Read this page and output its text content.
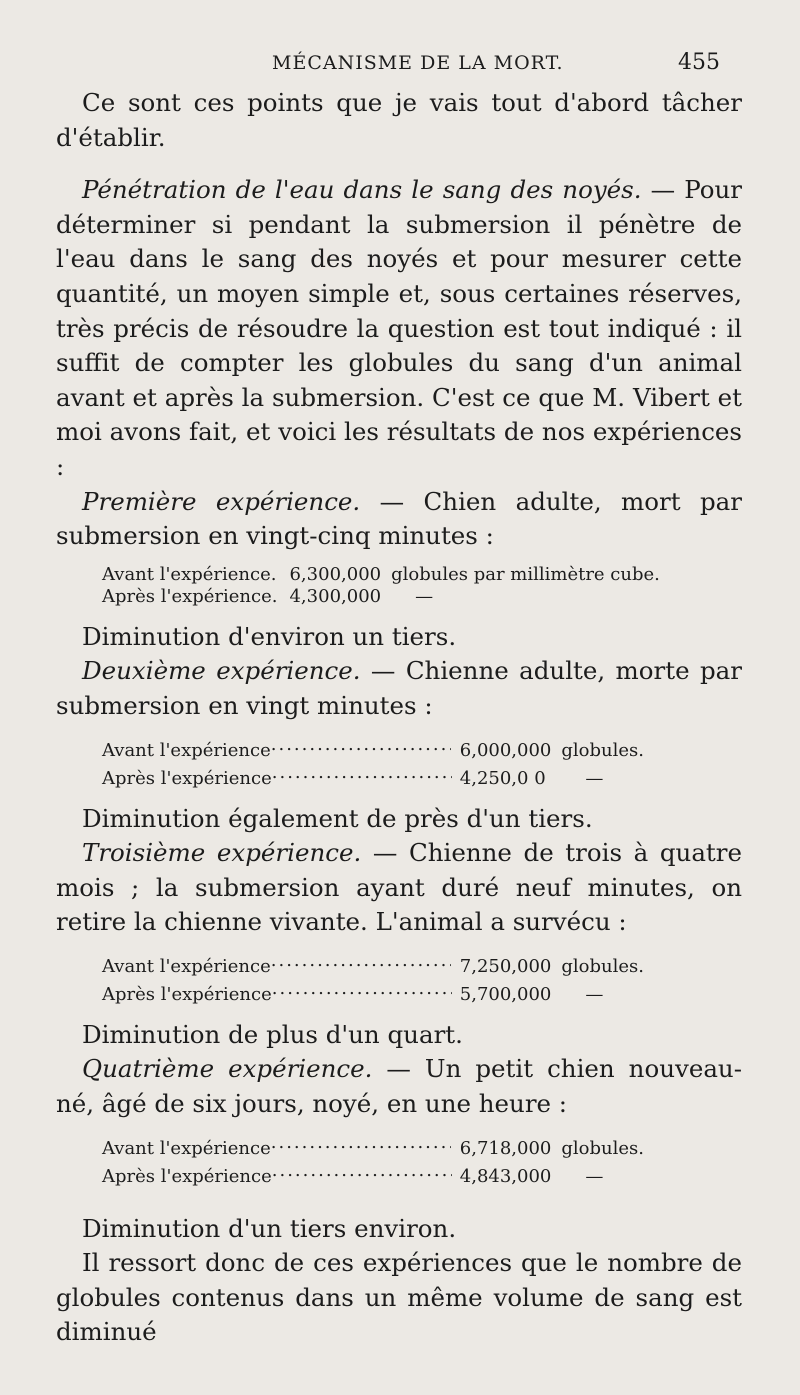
MÉCANISME DE LA MORT.	455

Ce sont ces points que je vais tout d'abord tâcher d'établir.

Pénétration de l'eau dans le sang des noyés. — Pour déterminer si pendant la submersion il pénètre de l'eau dans le sang des noyés et pour mesurer cette quantité, un moyen simple et, sous certaines réserves, très précis de résoudre la question est tout indiqué : il suffit de compter les globules du sang d'un animal avant et après la submersion. C'est ce que M. Vibert et moi avons fait, et voici les résultats de nos expériences :

Première expérience. — Chien adulte, mort par submersion en vingt-cinq minutes :

Avant l'expérience.	6,300,000	globules par millimètre cube.
Après l'expérience.	4,300,000	—

Diminution d'environ un tiers.

Deuxième expérience. — Chienne adulte, morte par submersion en vingt minutes :

Avant l'expérience.....	6,000,000	globules.
Après l'expérience.....	4,250,0 0	—

Diminution également de près d'un tiers.

Troisième expérience. — Chienne de trois à quatre mois ; la submersion ayant duré neuf minutes, on retire la chienne vivante. L'animal a survécu :

Avant l'expérience.....	7,250,000	globules.
Après l'expérience.....	5,700,000	—

Diminution de plus d'un quart.

Quatrième expérience. — Un petit chien nouveau-né, âgé de six jours, noyé, en une heure :

Avant l'expérience.....	6,718,000	globules.
Après l'expérience.....	4,843,000	—

Diminution d'un tiers environ.

Il ressort donc de ces expériences que le nombre de globules contenus dans un même volume de sang est diminué
